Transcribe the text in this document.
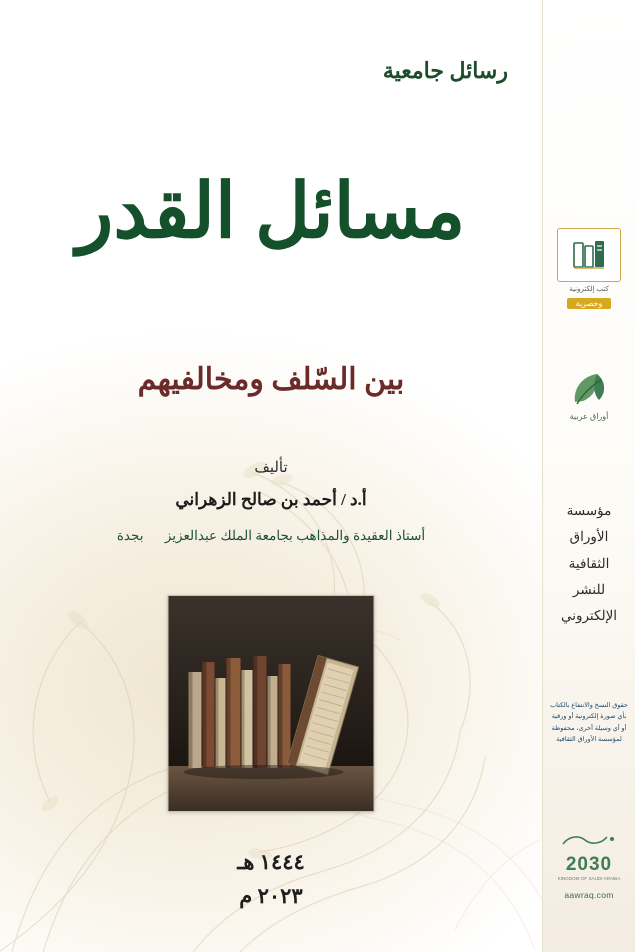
رسائل جامعية
مسائل القدر
بين السّلف ومخالفيهم
تأليف
أ.د / أحمد بن صالح الزهراني
أستاذ العقيدة والمذاهب بجامعة الملك عبدالعزيز بجدة
١٤٤٤ هـ
٢٠٢٣ م
كتب إلكترونية
وحصرية
أوراق عربية
مؤسسة
الأوراق
الثقافية
للنشر
الإلكتروني
حقوق النسخ والانتفاع بالكتاب
بأي صورة إلكترونية أو ورقية
أو أي وسيلة أخرى، محفوظة
لمؤسسة الأوراق الثقافية
2030
KINGDOM OF SAUDI ARABIA
aawraq.com
